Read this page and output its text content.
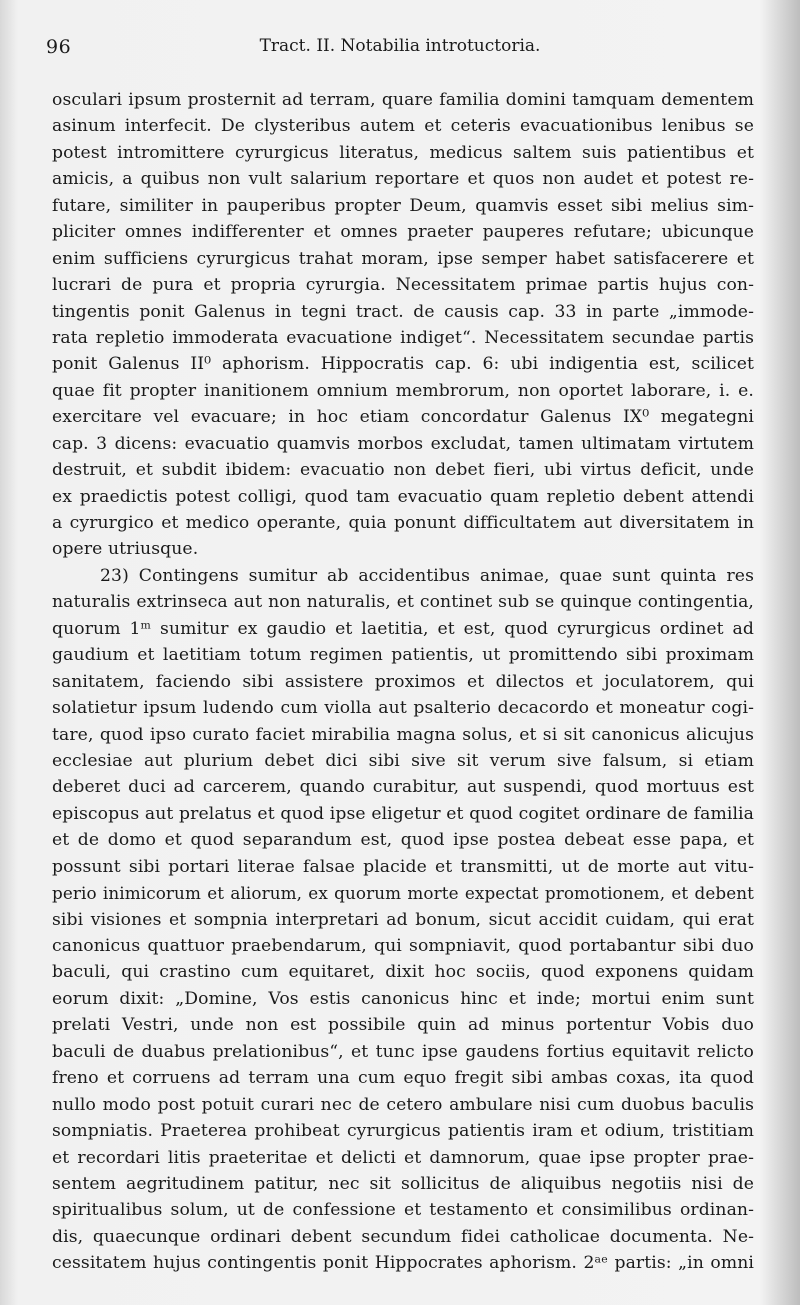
96	Tract. II. Notabilia introtuctoria.
osculari ipsum prosternit ad terram, quare familia domini tamquam dementem
asinum interfecit. De clysteribus autem et ceteris evacuationibus lenibus se
potest intromittere cyrurgicus literatus, medicus saltem suis patientibus et
amicis, a quibus non vult salarium reportare et quos non audet et potest re-
futare, similiter in pauperibus propter Deum, quamvis esset sibi melius sim-
pliciter omnes indifferenter et omnes praeter pauperes refutare; ubicunque
enim sufficiens cyrurgicus trahat moram, ipse semper habet satisfacerere et
lucrari de pura et propria cyrurgia. Necessitatem primae partis hujus con-
tingentis ponit Galenus in tegni tract. de causis cap. 33 in parte „immode-
rata repletio immoderata evacuatione indiget“. Necessitatem secundae partis
ponit Galenus II⁰ aphorism. Hippocratis cap. 6: ubi indigentia est, scilicet
quae fit propter inanitionem omnium membrorum, non oportet laborare, i. e.
exercitare vel evacuare; in hoc etiam concordatur Galenus IX⁰ megategni
cap. 3 dicens: evacuatio quamvis morbos excludat, tamen ultimatam virtutem
destruit, et subdit ibidem: evacuatio non debet fieri, ubi virtus deficit, unde
ex praedictis potest colligi, quod tam evacuatio quam repletio debent attendi
a cyrurgico et medico operante, quia ponunt difficultatem aut diversitatem in
opere utriusque.
23) Contingens sumitur ab accidentibus animae, quae sunt quinta res
naturalis extrinseca aut non naturalis, et continet sub se quinque contingentia,
quorum 1ᵐ sumitur ex gaudio et laetitia, et est, quod cyrurgicus ordinet ad
gaudium et laetitiam totum regimen patientis, ut promittendo sibi proximam
sanitatem, faciendo sibi assistere proximos et dilectos et joculatorem, qui
solatietur ipsum ludendo cum violla aut psalterio decacordo et moneatur cogi-
tare, quod ipso curato faciet mirabilia magna solus, et si sit canonicus alicujus
ecclesiae aut plurium debet dici sibi sive sit verum sive falsum, si etiam
deberet duci ad carcerem, quando curabitur, aut suspendi, quod mortuus est
episcopus aut prelatus et quod ipse eligetur et quod cogitet ordinare de familia
et de domo et quod separandum est, quod ipse postea debeat esse papa, et
possunt sibi portari literae falsae placide et transmitti, ut de morte aut vitu-
perio inimicorum et aliorum, ex quorum morte expectat promotionem, et debent
sibi visiones et sompnia interpretari ad bonum, sicut accidit cuidam, qui erat
canonicus quattuor praebendarum, qui sompniavit, quod portabantur sibi duo
baculi, qui crastino cum equitaret, dixit hoc sociis, quod exponens quidam
eorum dixit: „Domine, Vos estis canonicus hinc et inde; mortui enim sunt
prelati Vestri, unde non est possibile quin ad minus portentur Vobis duo
baculi de duabus prelationibus“, et tunc ipse gaudens fortius equitavit relicto
freno et corruens ad terram una cum equo fregit sibi ambas coxas, ita quod
nullo modo post potuit curari nec de cetero ambulare nisi cum duobus baculis
sompniatis. Praeterea prohibeat cyrurgicus patientis iram et odium, tristitiam
et recordari litis praeteritae et delicti et damnorum, quae ipse propter prae-
sentem aegritudinem patitur, nec sit sollicitus de aliquibus negotiis nisi de
spiritualibus solum, ut de confessione et testamento et consimilibus ordinan-
dis, quaecunque ordinari debent secundum fidei catholicae documenta. Ne-
cessitatem hujus contingentis ponit Hippocrates aphorism. 2ᵃᵉ partis: „in omni
